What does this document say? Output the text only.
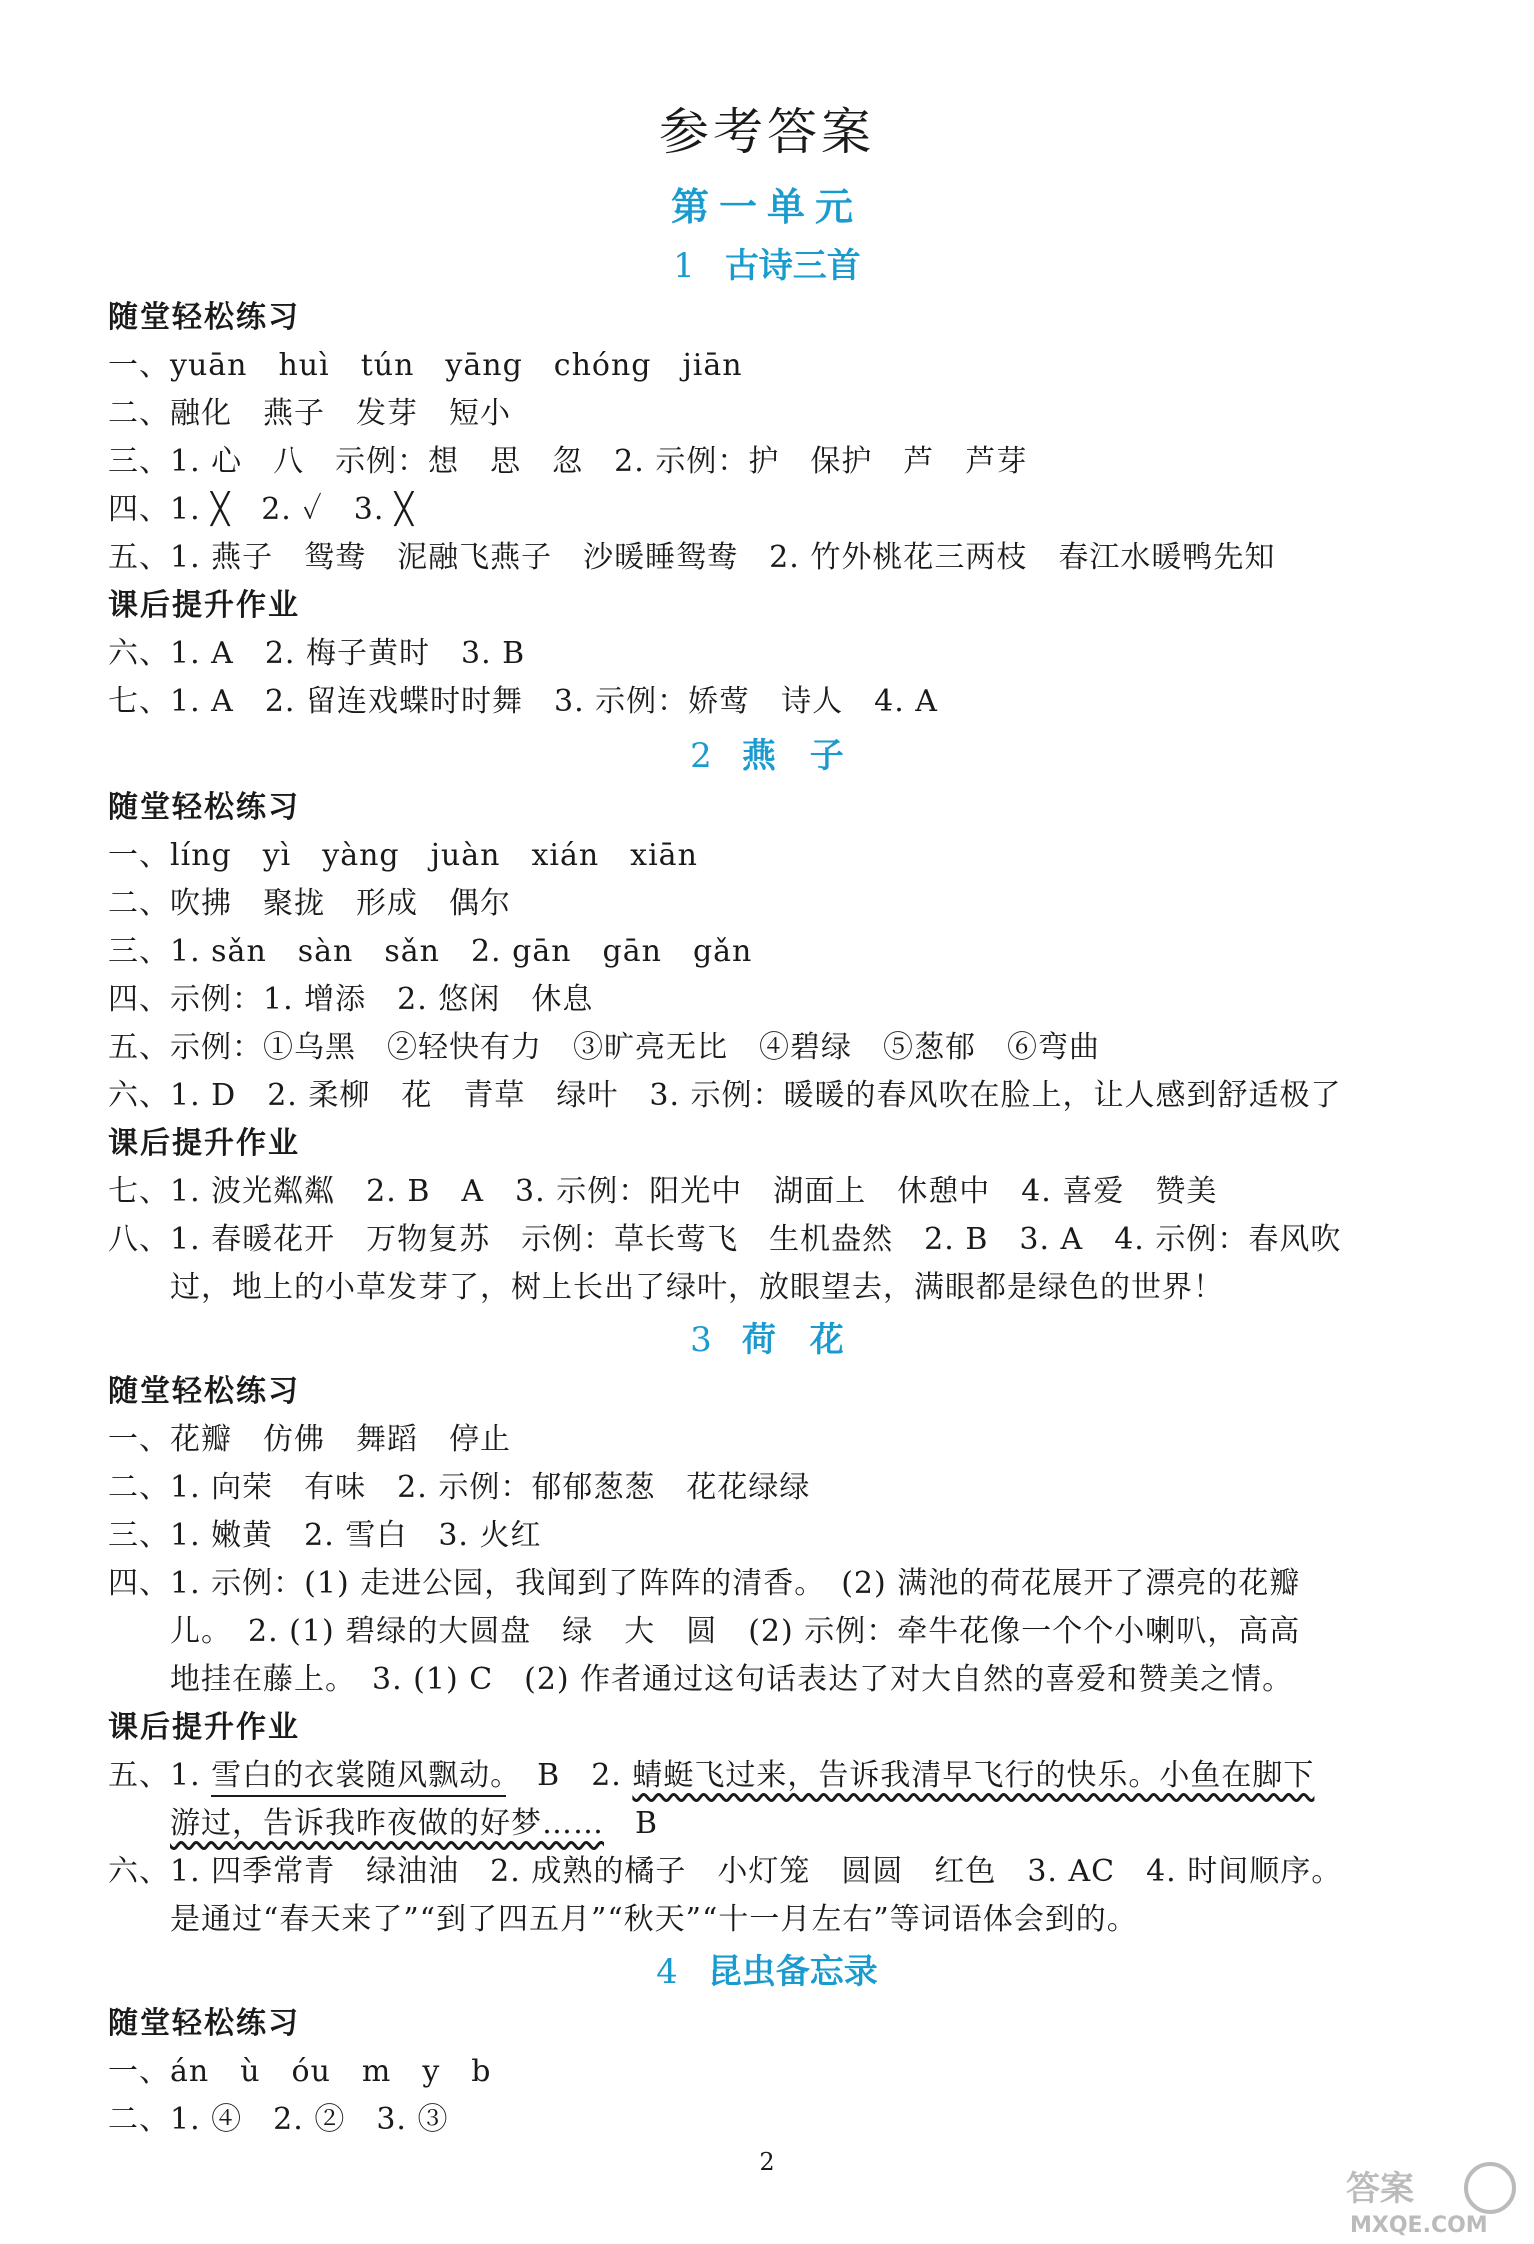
参考答案
第一单元
1 古诗三首
随堂轻松练习
一、yuān　huì　tún　yāng　chóng　jiān
二、融化　燕子　发芽　短小
三、1. 心　八　示例：想　思　忽　2. 示例：护　保护　芦　芦芽
四、1. ╳　2. ✓　3. ╳
五、1. 燕子　鸳鸯　泥融飞燕子　沙暖睡鸳鸯　2. 竹外桃花三两枝　春江水暖鸭先知
课后提升作业
六、1. A　2. 梅子黄时　3. B
七、1. A　2. 留连戏蝶时时舞　3. 示例：娇莺　诗人　4. A
2 燕　子
随堂轻松练习
一、líng　yì　yàng　juàn　xián　xiān
二、吹拂　聚拢　形成　偶尔
三、1. sǎn　sàn　sǎn　2. gān　gān　gǎn
四、示例：1. 增添　2. 悠闲　休息
五、示例：①乌黑　②轻快有力　③旷亮无比　④碧绿　⑤葱郁　⑥弯曲
六、1. D　2. 柔柳　花　青草　绿叶　3. 示例：暖暖的春风吹在脸上，让人感到舒适极了
课后提升作业
七、1. 波光粼粼　2. B　A　3. 示例：阳光中　湖面上　休憩中　4. 喜爱　赞美
八、1. 春暖花开　万物复苏　示例：草长莺飞　生机盎然　2. B　3. A　4. 示例：春风吹
过，地上的小草发芽了，树上长出了绿叶，放眼望去，满眼都是绿色的世界！
3 荷　花
随堂轻松练习
一、花瓣　仿佛　舞蹈　停止
二、1. 向荣　有味　2. 示例：郁郁葱葱　花花绿绿
三、1. 嫩黄　2. 雪白　3. 火红
四、1. 示例：(1) 走进公园，我闻到了阵阵的清香。　(2) 满池的荷花展开了漂亮的花瓣
儿。　2. (1) 碧绿的大圆盘　绿　大　圆　(2) 示例：牵牛花像一个个小喇叭，高高
地挂在藤上。　3. (1) C　(2) 作者通过这句话表达了对大自然的喜爱和赞美之情。
课后提升作业
五、1. 雪白的衣裳随风飘动。　B　2. 蜻蜓飞过来，告诉我清早飞行的快乐。小鱼在脚下
游过，告诉我昨夜做的好梦……　B
六、1. 四季常青　绿油油　2. 成熟的橘子　小灯笼　圆圆　红色　3. AC　4. 时间顺序。
是通过“春天来了”“到了四五月”“秋天”“十一月左右”等词语体会到的。
4 昆虫备忘录
随堂轻松练习
一、án　ù　óu　m　y　b
二、1. ④　2. ②　3. ③
2
答案
MXQE.COM
